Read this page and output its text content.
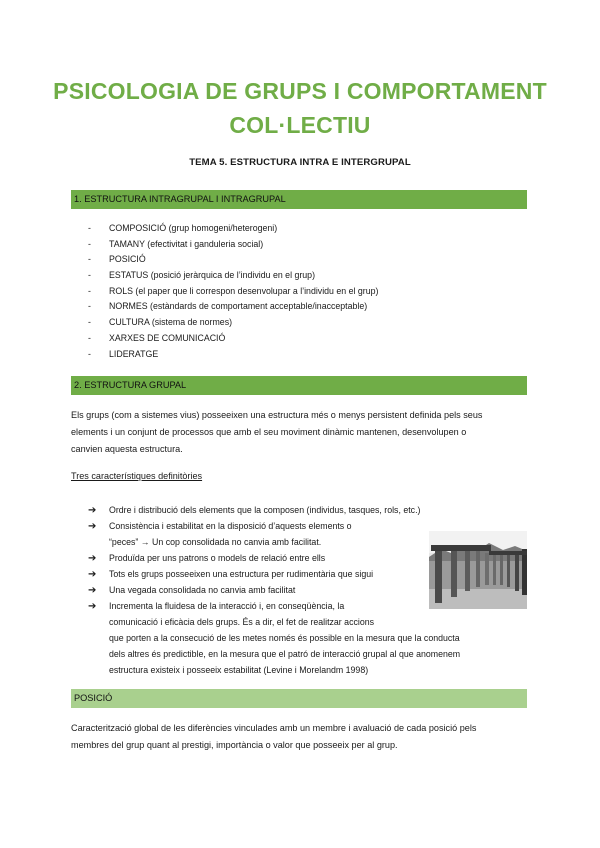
PSICOLOGIA DE GRUPS I COMPORTAMENT
COL·LECTIU
TEMA 5. ESTRUCTURA INTRA E INTERGRUPAL
1. ESTRUCTURA INTRAGRUPAL I INTRAGRUPAL
- COMPOSICIÓ (grup homogeni/heterogeni)
- TAMANY (efectivitat i ganduleria social)
- POSICIÓ
- ESTATUS (posició jeràrquica de l’individu en el grup)
- ROLS (el paper que li correspon desenvolupar a l’individu en el grup)
- NORMES (estàndards de comportament acceptable/inacceptable)
- CULTURA (sistema de normes)
- XARXES DE COMUNICACIÓ
- LIDERATGE
2. ESTRUCTURA GRUPAL
Els grups (com a sistemes vius) posseeixen una estructura més o menys persistent definida pels seus
elements i un conjunt de processos que amb el seu moviment dinàmic mantenen, desenvolupen o
canvien aquesta estructura.
Tres característiques definitòries
➔ Ordre i distribució dels elements que la composen (individus, tasques, rols, etc.)
➔ Consistència i estabilitat en la disposició d’aquests elements o
“peces” → Un cop consolidada no canvia amb facilitat.
➔ Produïda per uns patrons o models de relació entre ells
➔ Tots els grups posseeixen una estructura per rudimentària que sigui
➔ Una vegada consolidada no canvia amb facilitat
➔ Incrementa la fluidesa de la interacció i, en conseqüència, la
comunicació i eficàcia dels grups. És a dir, el fet de realitzar accions
que porten a la consecució de les metes només és possible en la mesura que la conducta
dels altres és predictible, en la mesura que el patró de interacció grupal al que anomenem
estructura existeix i posseeix estabilitat (Levine i Morelandm 1998)
POSICIÓ
Caracterització global de les diferències vinculades amb un membre i avaluació de cada posició pels
membres del grup quant al prestigi, importància o valor que posseeix per al grup.
